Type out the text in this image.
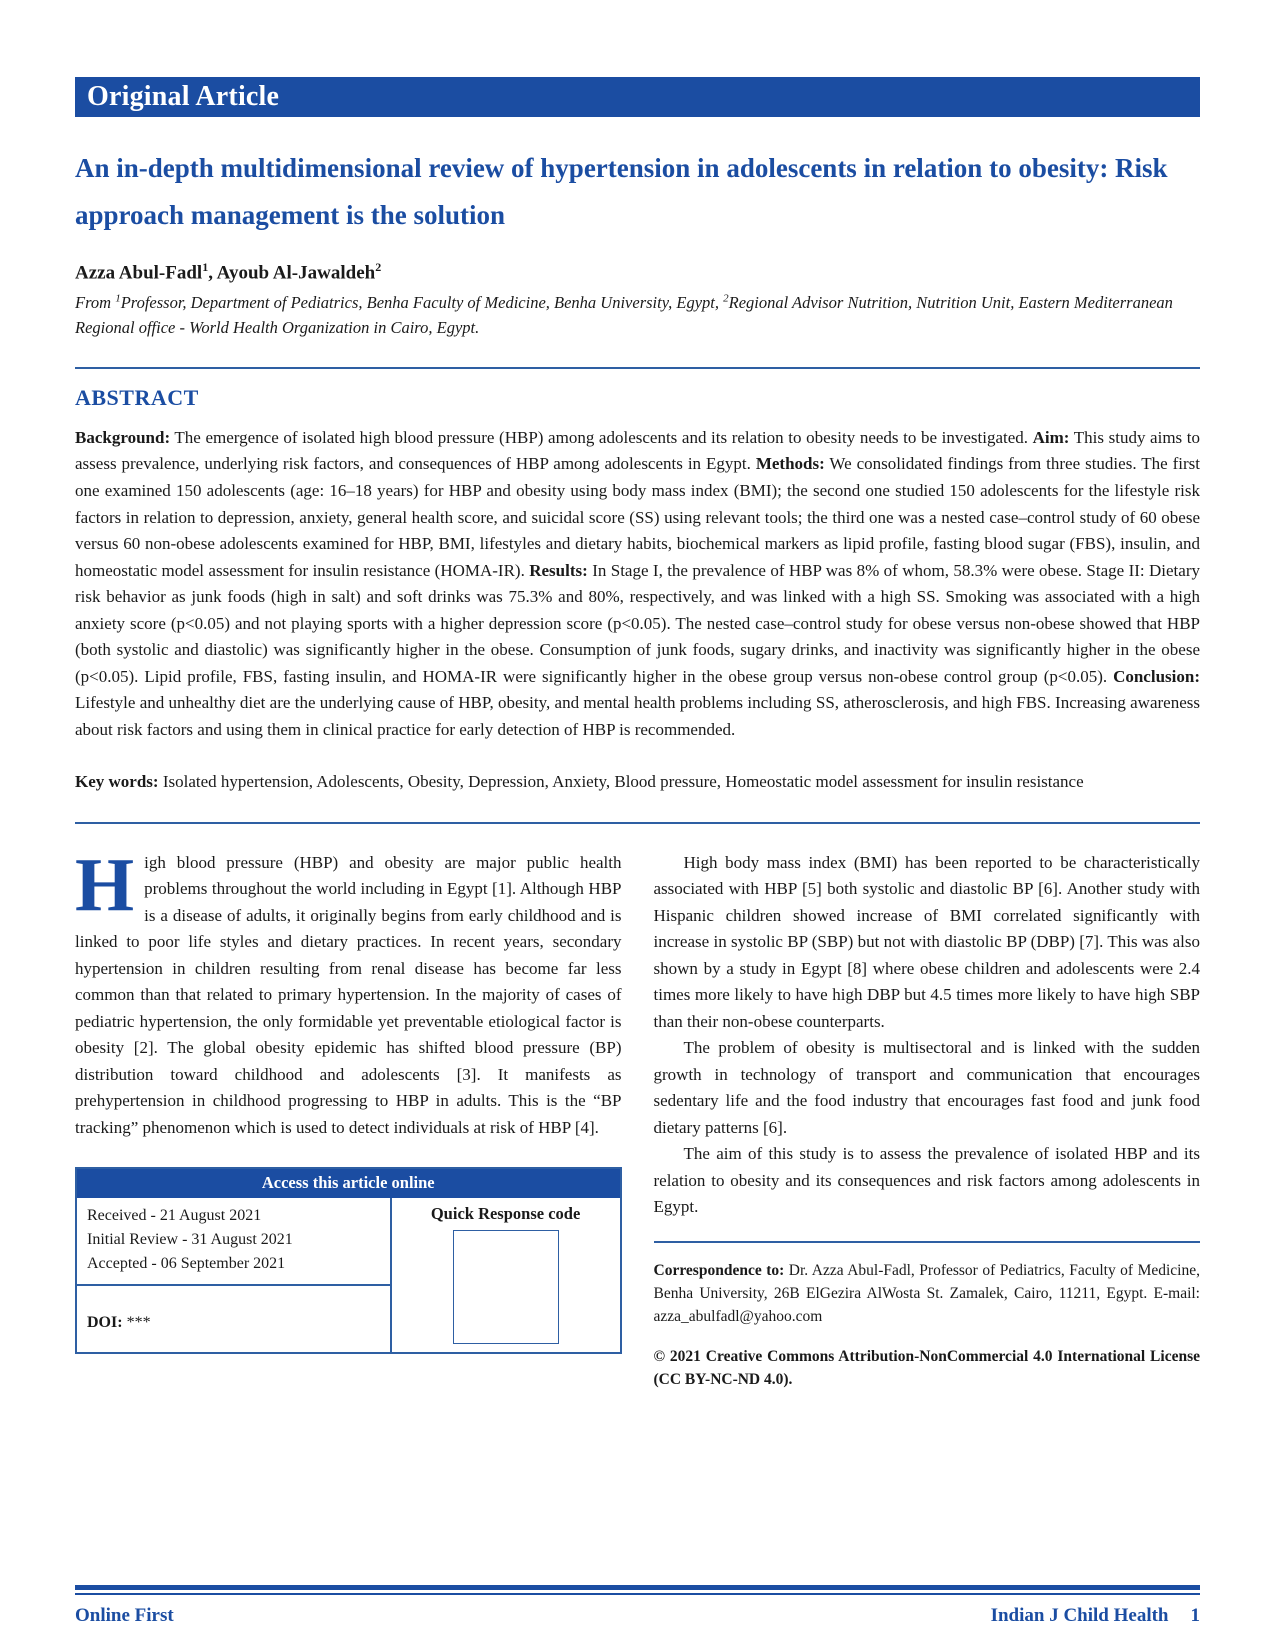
Original Article
An in-depth multidimensional review of hypertension in adolescents in relation to obesity: Risk approach management is the solution

Azza Abul-Fadl$^1$, Ayoub Al-Jawaldeh$^2$

From $^1$Professor, Department of Pediatrics, Benha Faculty of Medicine, Benha University, Egypt, $^2$Regional Advisor Nutrition, Nutrition Unit, Eastern Mediterranean Regional office - World Health Organization in Cairo, Egypt.

ABSTRACT

Background: The emergence of isolated high blood pressure (HBP) among adolescents and its relation to obesity needs to be investigated. Aim: This study aims to assess prevalence, underlying risk factors, and consequences of HBP among adolescents in Egypt. Methods: We consolidated findings from three studies. The first one examined 150 adolescents (age: 16–18 years) for HBP and obesity using body mass index (BMI); the second one studied 150 adolescents for the lifestyle risk factors in relation to depression, anxiety, general health score, and suicidal score (SS) using relevant tools; the third one was a nested case–control study of 60 obese versus 60 non-obese adolescents examined for HBP, BMI, lifestyles and dietary habits, biochemical markers as lipid profile, fasting blood sugar (FBS), insulin, and homeostatic model assessment for insulin resistance (HOMA-IR). Results: In Stage I, the prevalence of HBP was 8% of whom, 58.3% were obese. Stage II: Dietary risk behavior as junk foods (high in salt) and soft drinks was 75.3% and 80%, respectively, and was linked with a high SS. Smoking was associated with a high anxiety score (p<0.05) and not playing sports with a higher depression score (p<0.05). The nested case–control study for obese versus non-obese showed that HBP (both systolic and diastolic) was significantly higher in the obese. Consumption of junk foods, sugary drinks, and inactivity was significantly higher in the obese (p<0.05). Lipid profile, FBS, fasting insulin, and HOMA-IR were significantly higher in the obese group versus non-obese control group (p<0.05). Conclusion: Lifestyle and unhealthy diet are the underlying cause of HBP, obesity, and mental health problems including SS, atherosclerosis, and high FBS. Increasing awareness about risk factors and using them in clinical practice for early detection of HBP is recommended.

Key words: Isolated hypertension, Adolescents, Obesity, Depression, Anxiety, Blood pressure, Homeostatic model assessment for insulin resistance

High blood pressure (HBP) and obesity are major public health problems throughout the world including in Egypt [1]. Although HBP is a disease of adults, it originally begins from early childhood and is linked to poor life styles and dietary practices. In recent years, secondary hypertension in children resulting from renal disease has become far less common than that related to primary hypertension. In the majority of cases of pediatric hypertension, the only formidable yet preventable etiological factor is obesity [2]. The global obesity epidemic has shifted blood pressure (BP) distribution toward childhood and adolescents [3]. It manifests as prehypertension in childhood progressing to HBP in adults. This is the “BP tracking” phenomenon which is used to detect individuals at risk of HBP [4].

Access this article online
Received - 21 August 2021
Initial Review - 31 August 2021
Accepted - 06 September 2021
DOI: ***
Quick Response code

High body mass index (BMI) has been reported to be characteristically associated with HBP [5] both systolic and diastolic BP [6]. Another study with Hispanic children showed increase of BMI correlated significantly with increase in systolic BP (SBP) but not with diastolic BP (DBP) [7]. This was also shown by a study in Egypt [8] where obese children and adolescents were 2.4 times more likely to have high DBP but 4.5 times more likely to have high SBP than their non-obese counterparts.

The problem of obesity is multisectoral and is linked with the sudden growth in technology of transport and communication that encourages sedentary life and the food industry that encourages fast food and junk food dietary patterns [6].

The aim of this study is to assess the prevalence of isolated HBP and its relation to obesity and its consequences and risk factors among adolescents in Egypt.

Correspondence to: Dr. Azza Abul-Fadl, Professor of Pediatrics, Faculty of Medicine, Benha University, 26B ElGezira AlWosta St. Zamalek, Cairo, 11211, Egypt. E-mail: azza_abulfadl@yahoo.com

© 2021 Creative Commons Attribution-NonCommercial 4.0 International License (CC BY-NC-ND 4.0).

Online First	Indian J Child Health 1
